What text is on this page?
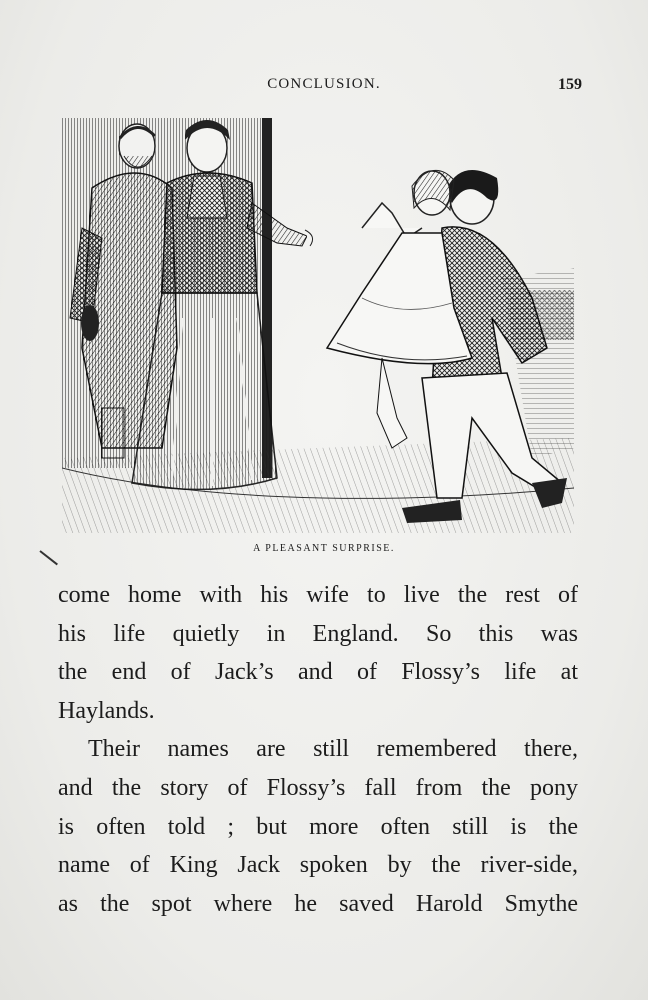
CONCLUSION.	159
A PLEASANT SURPRISE.
come home with his wife to live the rest of
his life quietly in England. So this was
the end of Jack’s and of Flossy’s life at
Haylands.
Their names are still remembered there,
and the story of Flossy’s fall from the pony
is often told ; but more often still is the
name of King Jack spoken by the river-side,
as the spot where he saved Harold Smythe
